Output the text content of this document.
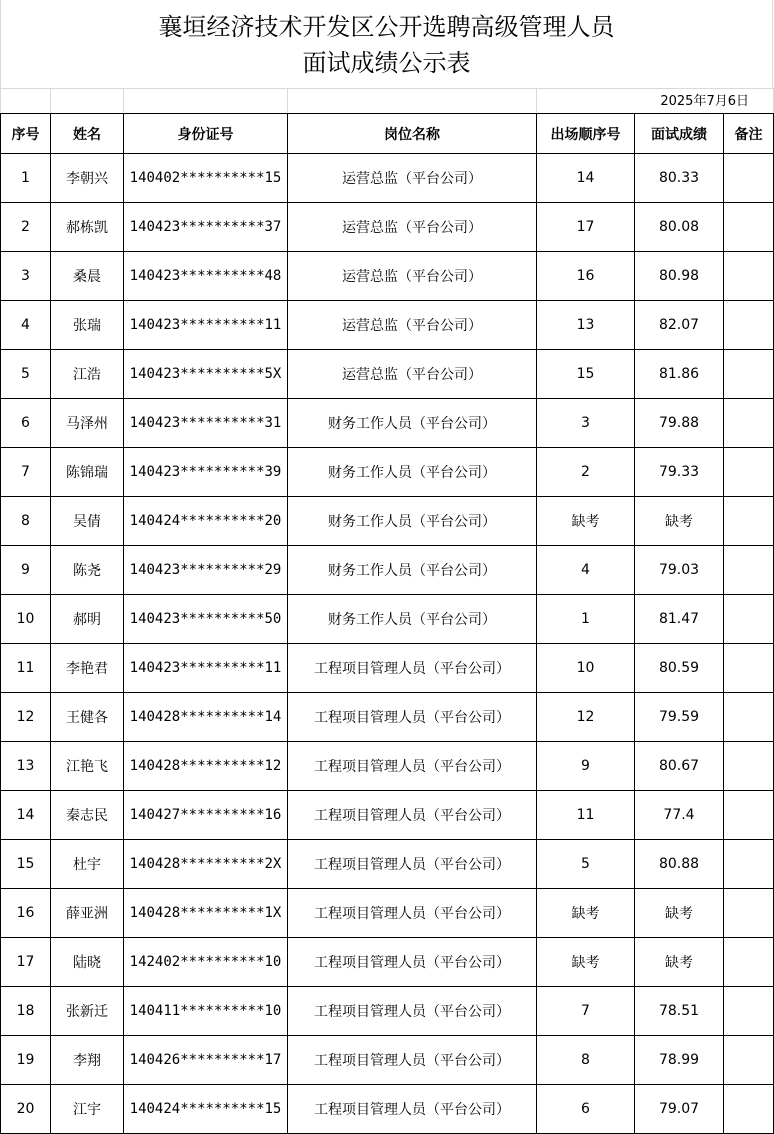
襄垣经济技术开发区公开选聘高级管理人员
面试成绩公示表
2025年7月6日
序号	姓名	身份证号	岗位名称	出场顺序号	面试成绩	备注
1	李朝兴	140402**********15	运营总监（平台公司）	14	80.33	
2	郝栋凯	140423**********37	运营总监（平台公司）	17	80.08	
3	桑晨	140423**********48	运营总监（平台公司）	16	80.98	
4	张瑞	140423**********11	运营总监（平台公司）	13	82.07	
5	江浩	140423**********5X	运营总监（平台公司）	15	81.86	
6	马泽州	140423**********31	财务工作人员（平台公司）	3	79.88	
7	陈锦瑞	140423**********39	财务工作人员（平台公司）	2	79.33	
8	吴倩	140424**********20	财务工作人员（平台公司）	缺考	缺考	
9	陈尧	140423**********29	财务工作人员（平台公司）	4	79.03	
10	郝明	140423**********50	财务工作人员（平台公司）	1	81.47	
11	李艳君	140423**********11	工程项目管理人员（平台公司）	10	80.59	
12	王健各	140428**********14	工程项目管理人员（平台公司）	12	79.59	
13	江艳飞	140428**********12	工程项目管理人员（平台公司）	9	80.67	
14	秦志民	140427**********16	工程项目管理人员（平台公司）	11	77.4	
15	杜宇	140428**********2X	工程项目管理人员（平台公司）	5	80.88	
16	薛亚洲	140428**********1X	工程项目管理人员（平台公司）	缺考	缺考	
17	陆晓	142402**********10	工程项目管理人员（平台公司）	缺考	缺考	
18	张新迁	140411**********10	工程项目管理人员（平台公司）	7	78.51	
19	李翔	140426**********17	工程项目管理人员（平台公司）	8	78.99	
20	江宇	140424**********15	工程项目管理人员（平台公司）	6	79.07	
